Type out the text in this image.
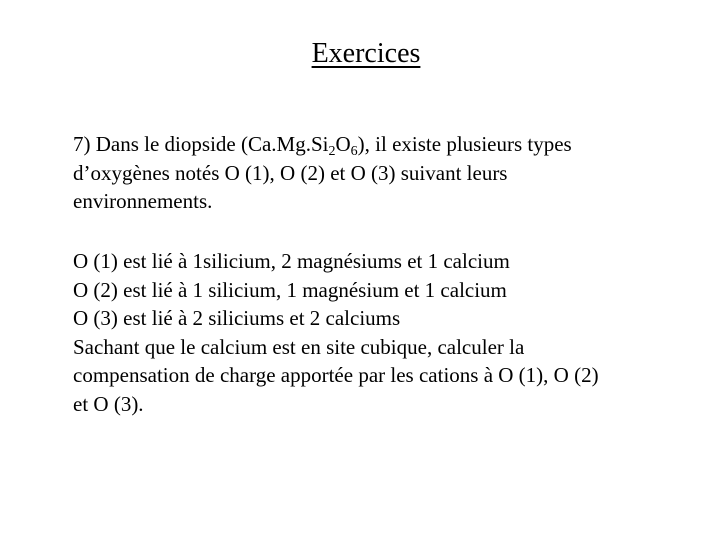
Exercices
7) Dans le diopside $(Ca.Mg.Si_2O_6)$, il existe plusieurs types
d’oxygènes notés O (1), O (2) et O (3) suivant leurs
environnements.
O (1) est lié à 1silicium, 2 magnésiums et 1 calcium
O (2) est lié à 1 silicium, 1 magnésium et 1 calcium
O (3) est lié à 2 siliciums et 2 calciums
Sachant que le calcium est en site cubique, calculer la
compensation de charge apportée par les cations à O (1), O (2)
et O (3).
